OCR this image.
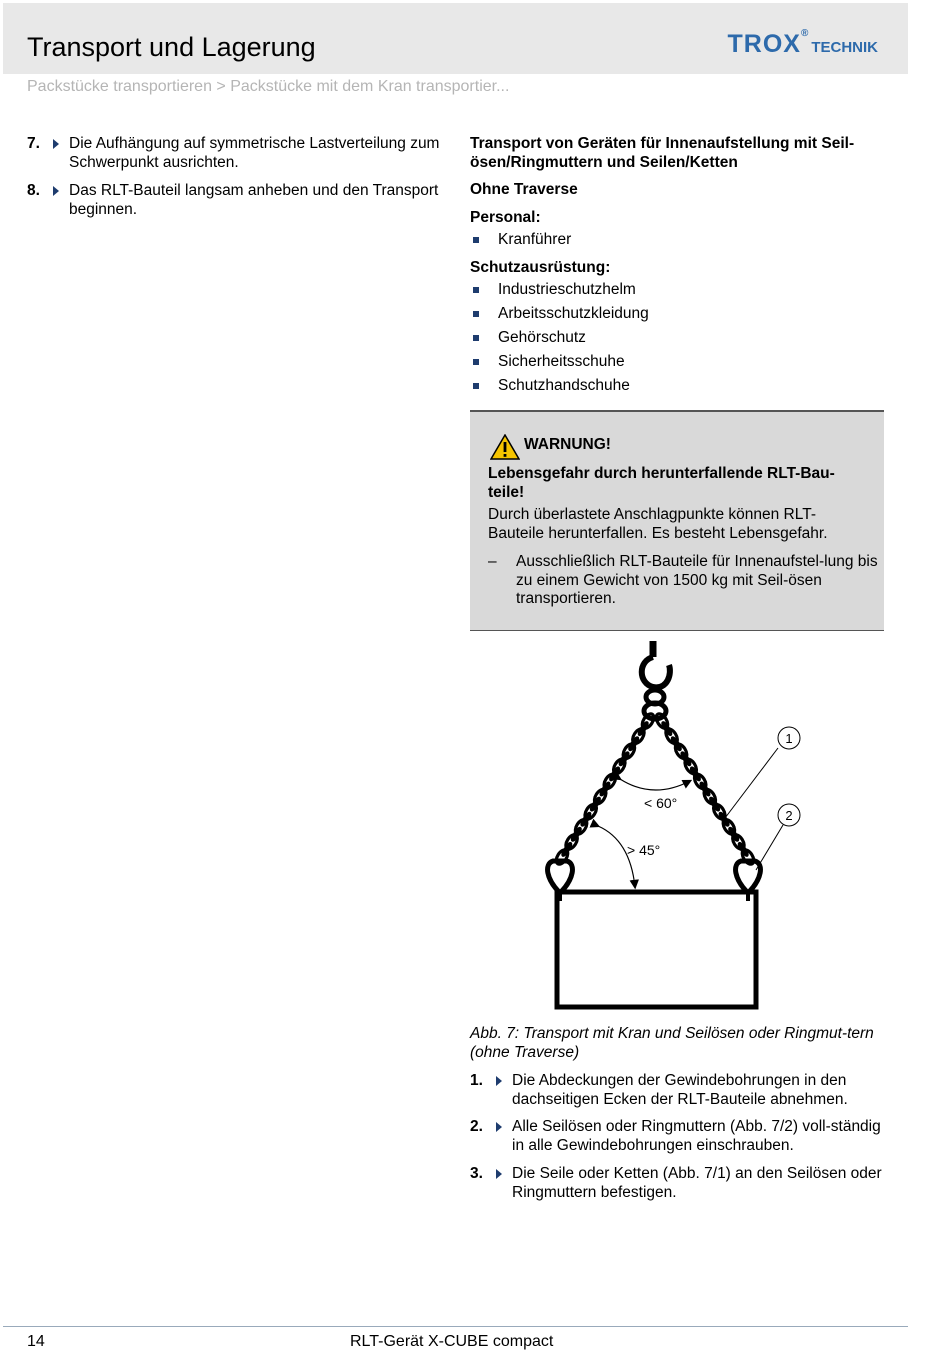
Transport und Lagerung	TROX®TECHNIK
Packstücke transportieren > Packstücke mit dem Kran transportier...
7. Die Aufhängung auf symmetrische Lastverteilung zum Schwerpunkt ausrichten.
8. Das RLT-Bauteil langsam anheben und den Transport beginnen.
Transport von Geräten für Innenaufstellung mit Seil-ösen/Ringmuttern und Seilen/Ketten
Ohne Traverse
Personal:
Kranführer
Schutzausrüstung:
Industrieschutzhelm
Arbeitsschutzkleidung
Gehörschutz
Sicherheitsschuhe
Schutzhandschuhe
WARNUNG!
Lebensgefahr durch herunterfallende RLT-Bau-teile!
Durch überlastete Anschlagpunkte können RLT-Bauteile herunterfallen. Es besteht Lebensgefahr.
– Ausschließlich RLT-Bauteile für Innenaufstel-lung bis zu einem Gewicht von 1500 kg mit Seil-ösen transportieren.
< 60°
> 45°
1
2
Abb. 7: Transport mit Kran und Seilösen oder Ringmut-tern (ohne Traverse)
1. Die Abdeckungen der Gewindebohrungen in den dachseitigen Ecken der RLT-Bauteile abnehmen.
2. Alle Seilösen oder Ringmuttern (Abb. 7/2) voll-ständig in alle Gewindebohrungen einschrauben.
3. Die Seile oder Ketten (Abb. 7/1) an den Seilösen oder Ringmuttern befestigen.
14	RLT-Gerät X-CUBE compact
